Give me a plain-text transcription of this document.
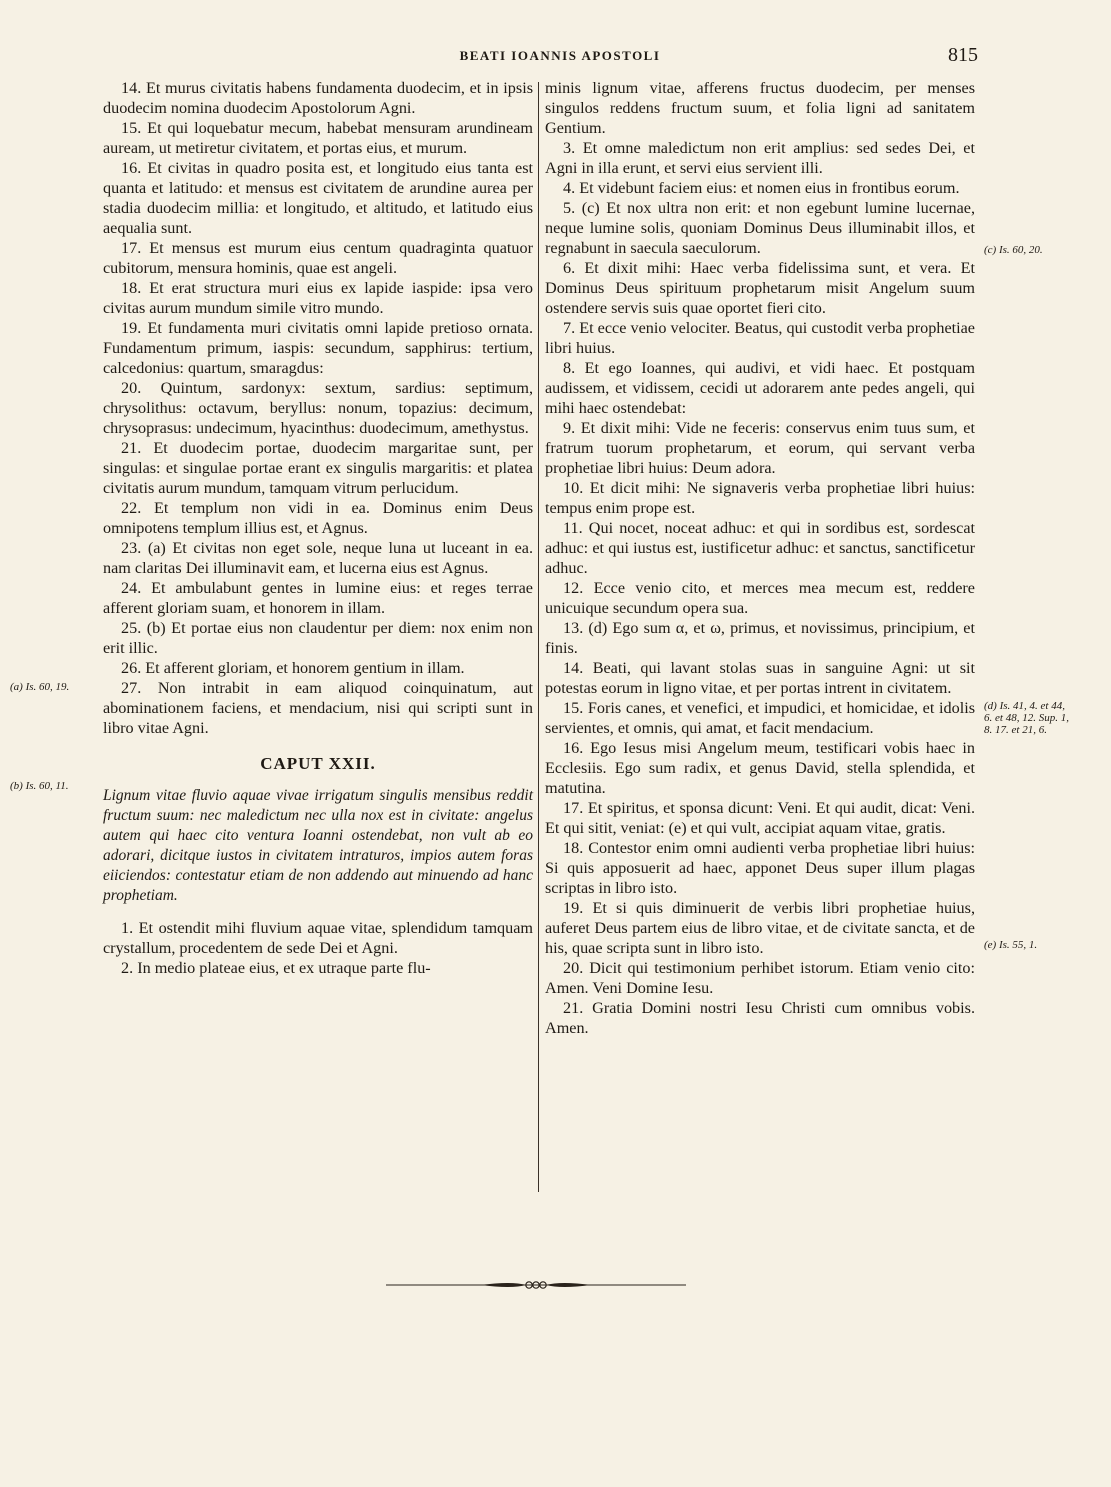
BEATI IOANNIS APOSTOLI	815

14. Et murus civitatis habens fundamenta duodecim, et in ipsis duodecim nomina duodecim Apostolorum Agni.

15. Et qui loquebatur mecum, habebat mensuram arundineam auream, ut metiretur civitatem, et portas eius, et murum.

16. Et civitas in quadro posita est, et longitudo eius tanta est quanta et latitudo: et mensus est civitatem de arundine aurea per stadia duodecim millia: et longitudo, et altitudo, et latitudo eius aequalia sunt.

17. Et mensus est murum eius centum quadraginta quatuor cubitorum, mensura hominis, quae est angeli.

18. Et erat structura muri eius ex lapide iaspide: ipsa vero civitas aurum mundum simile vitro mundo.

19. Et fundamenta muri civitatis omni lapide pretioso ornata. Fundamentum primum, iaspis: secundum, sapphirus: tertium, calcedonius: quartum, smaragdus:

20. Quintum, sardonyx: sextum, sardius: septimum, chrysolithus: octavum, beryllus: nonum, topazius: decimum, chrysoprasus: undecimum, hyacinthus: duodecimum, amethystus.

21. Et duodecim portae, duodecim margaritae sunt, per singulas: et singulae portae erant ex singulis margaritis: et platea civitatis aurum mundum, tamquam vitrum perlucidum.

22. Et templum non vidi in ea. Dominus enim Deus omnipotens templum illius est, et Agnus.

23. (a) Et civitas non eget sole, neque luna ut luceant in ea. nam claritas Dei illuminavit eam, et lucerna eius est Agnus.

24. Et ambulabunt gentes in lumine eius: et reges terrae afferent gloriam suam, et honorem in illam.

25. (b) Et portae eius non claudentur per diem: nox enim non erit illic.

26. Et afferent gloriam, et honorem gentium in illam.

27. Non intrabit in eam aliquod coinquinatum, aut abominationem faciens, et mendacium, nisi qui scripti sunt in libro vitae Agni.

CAPUT XXII.
Lignum vitae fluvio aquae vivae irrigatum singulis mensibus reddit fructum suum: nec maledictum nec ulla nox est in civitate: angelus autem qui haec cito ventura Ioanni ostendebat, non vult ab eo adorari, dicitque iustos in civitatem intraturos, impios autem foras eiiciendos: contestatur etiam de non addendo aut minuendo ad hanc prophetiam.

1. Et ostendit mihi fluvium aquae vitae, splendidum tamquam crystallum, procedentem de sede Dei et Agni.

2. In medio plateae eius, et ex utraque parte flu-

minis lignum vitae, afferens fructus duodecim, per menses singulos reddens fructum suum, et folia ligni ad sanitatem Gentium.

3. Et omne maledictum non erit amplius: sed sedes Dei, et Agni in illa erunt, et servi eius servient illi.

4. Et videbunt faciem eius: et nomen eius in frontibus eorum.

5. (c) Et nox ultra non erit: et non egebunt lumine lucernae, neque lumine solis, quoniam Dominus Deus illuminabit illos, et regnabunt in saecula saeculorum.

6. Et dixit mihi: Haec verba fidelissima sunt, et vera. Et Dominus Deus spirituum prophetarum misit Angelum suum ostendere servis suis quae oportet fieri cito.

7. Et ecce venio velociter. Beatus, qui custodit verba prophetiae libri huius.

8. Et ego Ioannes, qui audivi, et vidi haec. Et postquam audissem, et vidissem, cecidi ut adorarem ante pedes angeli, qui mihi haec ostendebat:

9. Et dixit mihi: Vide ne feceris: conservus enim tuus sum, et fratrum tuorum prophetarum, et eorum, qui servant verba prophetiae libri huius: Deum adora.

10. Et dicit mihi: Ne signaveris verba prophetiae libri huius: tempus enim prope est.

11. Qui nocet, noceat adhuc: et qui in sordibus est, sordescat adhuc: et qui iustus est, iustificetur adhuc: et sanctus, sanctificetur adhuc.

12. Ecce venio cito, et merces mea mecum est, reddere unicuique secundum opera sua.

13. (d) Ego sum α, et ω, primus, et novissimus, principium, et finis.

14. Beati, qui lavant stolas suas in sanguine Agni: ut sit potestas eorum in ligno vitae, et per portas intrent in civitatem.

15. Foris canes, et venefici, et impudici, et homicidae, et idolis servientes, et omnis, qui amat, et facit mendacium.

16. Ego Iesus misi Angelum meum, testificari vobis haec in Ecclesiis. Ego sum radix, et genus David, stella splendida, et matutina.

17. Et spiritus, et sponsa dicunt: Veni. Et qui audit, dicat: Veni. Et qui sitit, veniat: (e) et qui vult, accipiat aquam vitae, gratis.

18. Contestor enim omni audienti verba prophetiae libri huius: Si quis apposuerit ad haec, apponet Deus super illum plagas scriptas in libro isto.

19. Et si quis diminuerit de verbis libri prophetiae huius, auferet Deus partem eius de libro vitae, et de civitate sancta, et de his, quae scripta sunt in libro isto.

20. Dicit qui testimonium perhibet istorum. Etiam venio cito: Amen. Veni Domine Iesu.

21. Gratia Domini nostri Iesu Christi cum omnibus vobis. Amen.

(a) Is. 60, 19.
(b) Is. 60, 11.
(c) Is. 60, 20.
(d) Is. 41, 4. et 44, 6. et 48, 12. Sup. 1, 8. 17. et 21, 6.
(e) Is. 55, 1.
